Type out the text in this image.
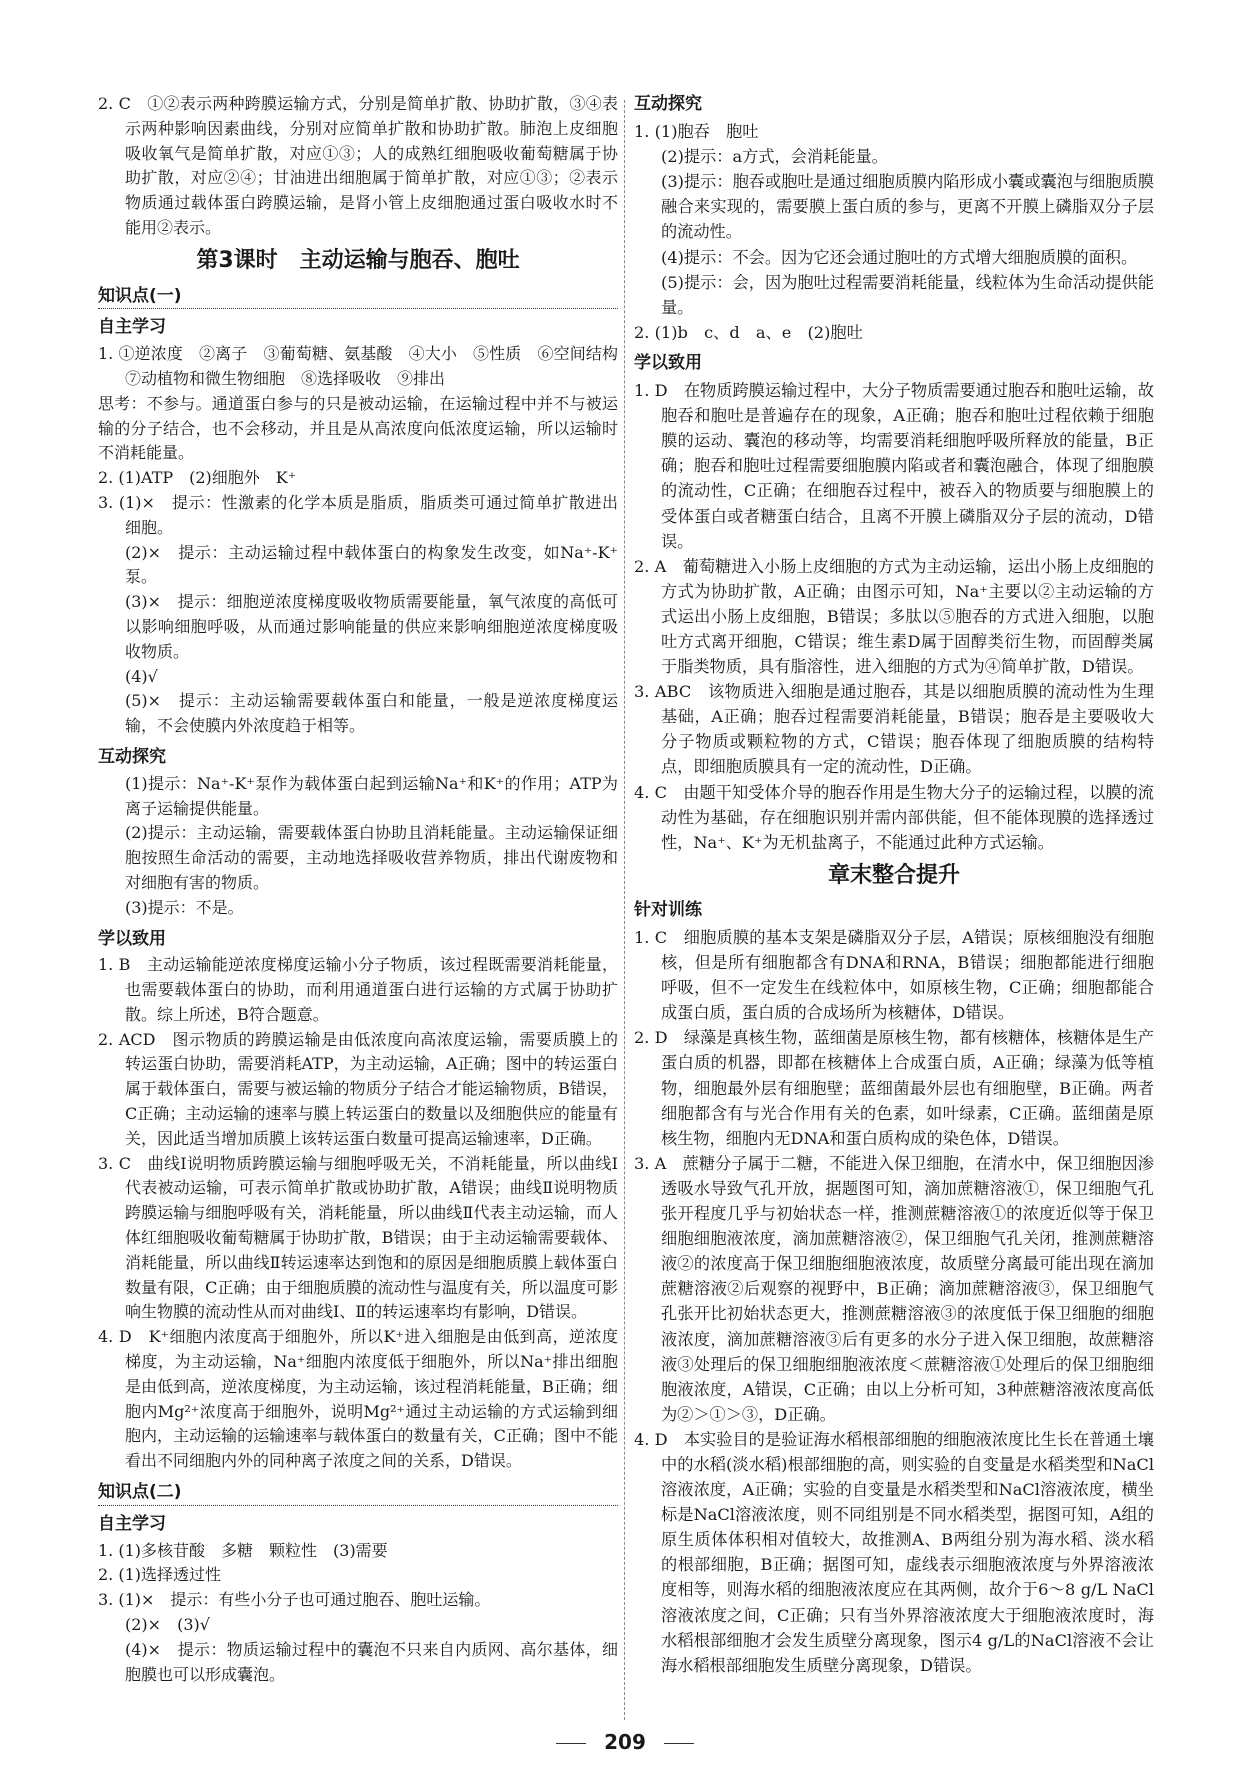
2. C　①②表示两种跨膜运输方式，分别是简单扩散、协助扩散，③④表示两种影响因素曲线，分别对应简单扩散和协助扩散。肺泡上皮细胞吸收氧气是简单扩散，对应①③；人的成熟红细胞吸收葡萄糖属于协助扩散，对应②④；甘油进出细胞属于简单扩散，对应①③；②表示物质通过载体蛋白跨膜运输，是肾小管上皮细胞通过蛋白吸收水时不能用②表示。

第3课时　主动运输与胞吞、胞吐
知识点(一)
自主学习

1. ①逆浓度　②离子　③葡萄糖、氨基酸　④大小　⑤性质　⑥空间结构　⑦动植物和微生物细胞　⑧选择吸收　⑨排出

思考：不参与。通道蛋白参与的只是被动运输，在运输过程中并不与被运输的分子结合，也不会移动，并且是从高浓度向低浓度运输，所以运输时不消耗能量。

2. (1)ATP　(2)细胞外　K⁺

3. (1)×　提示：性激素的化学本质是脂质，脂质类可通过简单扩散进出细胞。

(2)×　提示：主动运输过程中载体蛋白的构象发生改变，如Na⁺-K⁺泵。

(3)×　提示：细胞逆浓度梯度吸收物质需要能量，氧气浓度的高低可以影响细胞呼吸，从而通过影响能量的供应来影响细胞逆浓度梯度吸收物质。

(4)√

(5)×　提示：主动运输需要载体蛋白和能量，一般是逆浓度梯度运输，不会使膜内外浓度趋于相等。

互动探究

(1)提示：Na⁺-K⁺泵作为载体蛋白起到运输Na⁺和K⁺的作用；ATP为离子运输提供能量。

(2)提示：主动运输，需要载体蛋白协助且消耗能量。主动运输保证细胞按照生命活动的需要，主动地选择吸收营养物质，排出代谢废物和对细胞有害的物质。

(3)提示：不是。

学以致用

1. B　主动运输能逆浓度梯度运输小分子物质，该过程既需要消耗能量，也需要载体蛋白的协助，而利用通道蛋白进行运输的方式属于协助扩散。综上所述，B符合题意。

2. ACD　图示物质的跨膜运输是由低浓度向高浓度运输，需要质膜上的转运蛋白协助，需要消耗ATP，为主动运输，A正确；图中的转运蛋白属于载体蛋白，需要与被运输的物质分子结合才能运输物质，B错误，C正确；主动运输的速率与膜上转运蛋白的数量以及细胞供应的能量有关，因此适当增加质膜上该转运蛋白数量可提高运输速率，D正确。

3. C　曲线Ⅰ说明物质跨膜运输与细胞呼吸无关，不消耗能量，所以曲线Ⅰ代表被动运输，可表示简单扩散或协助扩散，A错误；曲线Ⅱ说明物质跨膜运输与细胞呼吸有关，消耗能量，所以曲线Ⅱ代表主动运输，而人体红细胞吸收葡萄糖属于协助扩散，B错误；由于主动运输需要载体、消耗能量，所以曲线Ⅱ转运速率达到饱和的原因是细胞质膜上载体蛋白数量有限，C正确；由于细胞质膜的流动性与温度有关，所以温度可影响生物膜的流动性从而对曲线Ⅰ、Ⅱ的转运速率均有影响，D错误。

4. D　K⁺细胞内浓度高于细胞外，所以K⁺进入细胞是由低到高，逆浓度梯度，为主动运输，Na⁺细胞内浓度低于细胞外，所以Na⁺排出细胞是由低到高，逆浓度梯度，为主动运输，该过程消耗能量，B正确；细胞内Mg²⁺浓度高于细胞外，说明Mg²⁺通过主动运输的方式运输到细胞内，主动运输的运输速率与载体蛋白的数量有关，C正确；图中不能看出不同细胞内外的同种离子浓度之间的关系，D错误。

知识点(二)
自主学习

1. (1)多核苷酸　多糖　颗粒性　(3)需要

2. (1)选择透过性

3. (1)×　提示：有些小分子也可通过胞吞、胞吐运输。

(2)×　(3)√

(4)×　提示：物质运输过程中的囊泡不只来自内质网、高尔基体，细胞膜也可以形成囊泡。

互动探究

1. (1)胞吞　胞吐

(2)提示：a方式，会消耗能量。

(3)提示：胞吞或胞吐是通过细胞质膜内陷形成小囊或囊泡与细胞质膜融合来实现的，需要膜上蛋白质的参与，更离不开膜上磷脂双分子层的流动性。

(4)提示：不会。因为它还会通过胞吐的方式增大细胞质膜的面积。

(5)提示：会，因为胞吐过程需要消耗能量，线粒体为生命活动提供能量。

2. (1)b　c、d　a、e　(2)胞吐

学以致用

1. D　在物质跨膜运输过程中，大分子物质需要通过胞吞和胞吐运输，故胞吞和胞吐是普遍存在的现象，A正确；胞吞和胞吐过程依赖于细胞膜的运动、囊泡的移动等，均需要消耗细胞呼吸所释放的能量，B正确；胞吞和胞吐过程需要细胞膜内陷或者和囊泡融合，体现了细胞膜的流动性，C正确；在细胞吞过程中，被吞入的物质要与细胞膜上的受体蛋白或者糖蛋白结合，且离不开膜上磷脂双分子层的流动，D错误。

2. A　葡萄糖进入小肠上皮细胞的方式为主动运输，运出小肠上皮细胞的方式为协助扩散，A正确；由图示可知，Na⁺主要以②主动运输的方式运出小肠上皮细胞，B错误；多肽以⑤胞吞的方式进入细胞，以胞吐方式离开细胞，C错误；维生素D属于固醇类衍生物，而固醇类属于脂类物质，具有脂溶性，进入细胞的方式为④简单扩散，D错误。

3. ABC　该物质进入细胞是通过胞吞，其是以细胞质膜的流动性为生理基础，A正确；胞吞过程需要消耗能量，B错误；胞吞是主要吸收大分子物质或颗粒物的方式，C错误；胞吞体现了细胞质膜的结构特点，即细胞质膜具有一定的流动性，D正确。

4. C　由题干知受体介导的胞吞作用是生物大分子的运输过程，以膜的流动性为基础，存在细胞识别并需内部供能，但不能体现膜的选择透过性，Na⁺、K⁺为无机盐离子，不能通过此种方式运输。

章末整合提升
针对训练

1. C　细胞质膜的基本支架是磷脂双分子层，A错误；原核细胞没有细胞核，但是所有细胞都含有DNA和RNA，B错误；细胞都能进行细胞呼吸，但不一定发生在线粒体中，如原核生物，C正确；细胞都能合成蛋白质，蛋白质的合成场所为核糖体，D错误。

2. D　绿藻是真核生物，蓝细菌是原核生物，都有核糖体，核糖体是生产蛋白质的机器，即都在核糖体上合成蛋白质，A正确；绿藻为低等植物，细胞最外层有细胞壁；蓝细菌最外层也有细胞壁，B正确。两者细胞都含有与光合作用有关的色素，如叶绿素，C正确。蓝细菌是原核生物，细胞内无DNA和蛋白质构成的染色体，D错误。

3. A　蔗糖分子属于二糖，不能进入保卫细胞，在清水中，保卫细胞因渗透吸水导致气孔开放，据题图可知，滴加蔗糖溶液①，保卫细胞气孔张开程度几乎与初始状态一样，推测蔗糖溶液①的浓度近似等于保卫细胞细胞液浓度，滴加蔗糖溶液②，保卫细胞气孔关闭，推测蔗糖溶液②的浓度高于保卫细胞细胞液浓度，故质壁分离最可能出现在滴加蔗糖溶液②后观察的视野中，B正确；滴加蔗糖溶液③，保卫细胞气孔张开比初始状态更大，推测蔗糖溶液③的浓度低于保卫细胞的细胞液浓度，滴加蔗糖溶液③后有更多的水分子进入保卫细胞，故蔗糖溶液③处理后的保卫细胞细胞液浓度＜蔗糖溶液①处理后的保卫细胞细胞液浓度，A错误，C正确；由以上分析可知，3种蔗糖溶液浓度高低为②＞①＞③，D正确。

4. D　本实验目的是验证海水稻根部细胞的细胞液浓度比生长在普通土壤中的水稻(淡水稻)根部细胞的高，则实验的自变量是水稻类型和NaCl溶液浓度，A正确；实验的自变量是水稻类型和NaCl溶液浓度，横坐标是NaCl溶液浓度，则不同组别是不同水稻类型，据图可知，A组的原生质体体积相对值较大，故推测A、B两组分别为海水稻、淡水稻的根部细胞，B正确；据图可知，虚线表示细胞液浓度与外界溶液浓度相等，则海水稻的细胞液浓度应在其两侧，故介于6～8 g/L NaCl溶液浓度之间，C正确；只有当外界溶液浓度大于细胞液浓度时，海水稻根部细胞才会发生质壁分离现象，图示4 g/L的NaCl溶液不会让海水稻根部细胞发生质壁分离现象，D错误。

209
